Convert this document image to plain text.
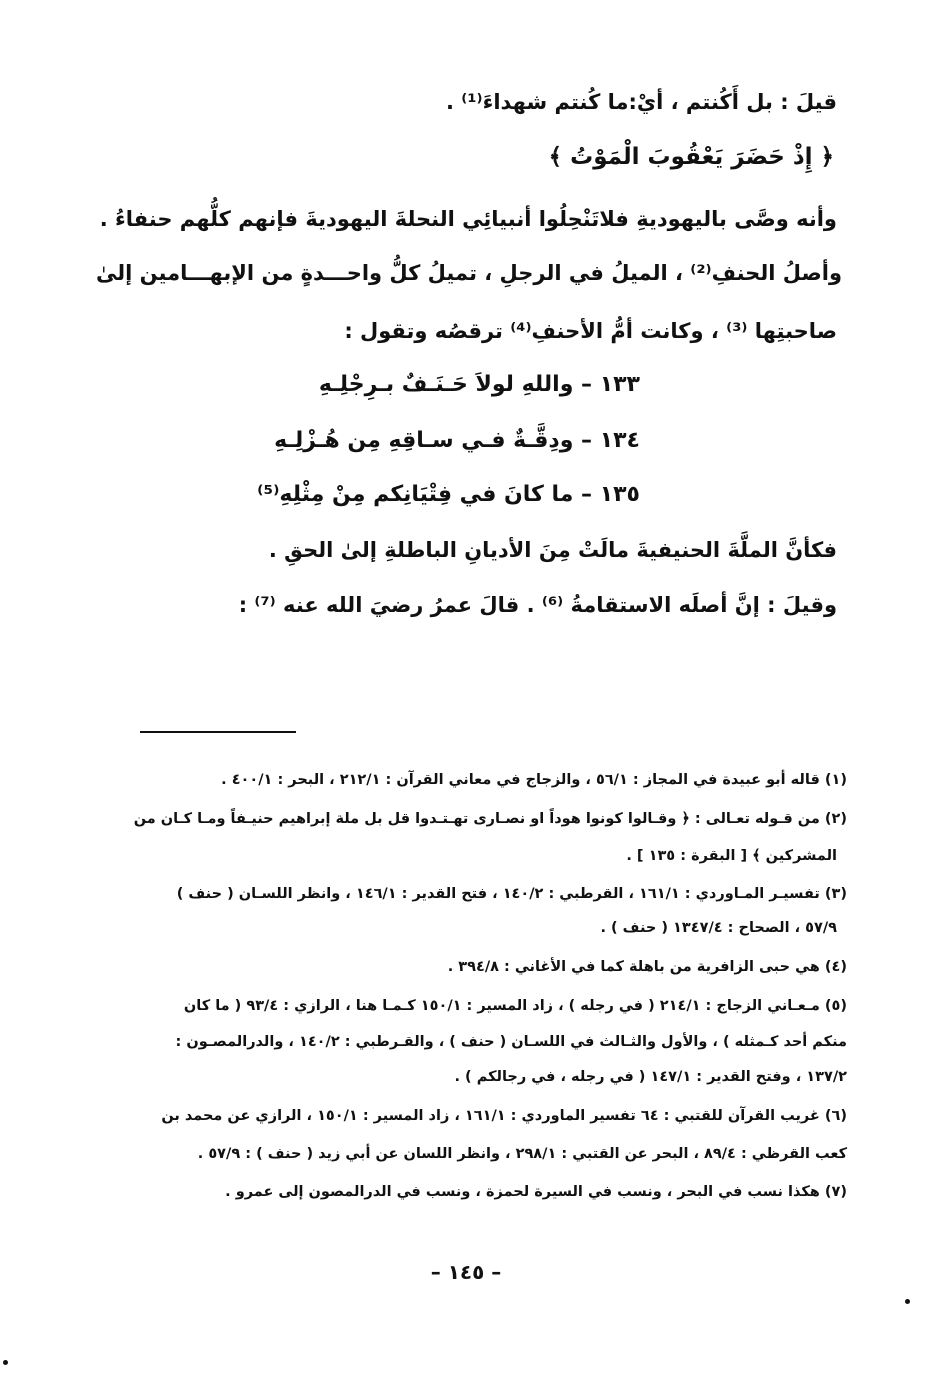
قيلَ : بل أَكُنتم ، أيْ:ما كُنتم شهداءَ⁽¹⁾ .
﴿ إِذْ حَضَرَ يَعْقُوبَ الْمَوْتُ ﴾
وأنه وصَّى باليهوديةِ فلاتَنْحِلُوا أنبيائِي النحلةَ اليهوديةَ فإنهم كلُّهم حنفاءُ .
وأصلُ الحنفِ⁽²⁾ ، الميلُ في الرجلِ ، تميلُ كلُّ واحـــدةٍ من الإبهـــامين إلىٰ
صاحبتِها ⁽³⁾ ، وكانت أمُّ الأحنفِ⁽⁴⁾ ترقصُه وتقول :
١٣٣ – واللهِ لولاَ حَـنَـفٌ بـرِجْلِـهِ
١٣٤ – ودِقَّـةٌ فـي سـاقِهِ مِن هُـزْلِـهِ
١٣٥ – ما كانَ في فِتْيَانِكم مِنْ مِثْلِهِ⁽⁵⁾
فكأنَّ الملَّةَ الحنيفيةَ مالَتْ مِنَ الأديانِ الباطلةِ إلىٰ الحقِ .
وقيلَ : إنَّ أصلَه الاستقامةُ ⁽⁶⁾ . قالَ عمرُ رضيَ الله عنه ⁽⁷⁾ :
(١) قاله أبو عبيدة في المجاز : ٥٦/١ ، والزجاج في معاني القرآن : ٢١٢/١ ، البحر : ٤٠٠/١ .
(٢) من قـوله تعـالى : ﴿ وقـالوا كونوا هوداً او نصـارى تهـتـدوا قل بل ملة إبراهيم حنيـفاً ومـا كـان من
المشركين ﴾ [ البقرة : ١٣٥ ] .
(٣) تفسيـر المـاوردي : ١٦١/١ ، القرطبي : ١٤٠/٢ ، فتح القدير : ١٤٦/١ ، وانظر اللسـان ( حنف )
٥٧/٩ ، الصحاح : ١٣٤٧/٤ ( حنف ) .
(٤) هي حبى الزافرية من باهلة كما في الأغاني : ٣٩٤/٨ .
(٥) مـعـاني الزجاج : ٢١٤/١ ( في رجله ) ، زاد المسير : ١٥٠/١ كـمـا هنا ، الرازي : ٩٣/٤ ( ما كان
منكم أحد كـمثله ) ، والأول والثـالث في اللسـان ( حنف ) ، والقـرطبي : ١٤٠/٢ ، والدرالمصـون :
١٣٧/٢ ، وفتح القدير : ١٤٧/١ ( في رجله ، في رجالكم ) .
(٦) غريب القرآن للقتبي : ٦٤ تفسير الماوردي : ١٦١/١ ، زاد المسير : ١٥٠/١ ، الرازي عن محمد بن
كعب القرظي : ٨٩/٤ ، البحر عن القتبي : ٢٩٨/١ ، وانظر اللسان عن أبي زيد ( حنف ) : ٥٧/٩ .
(٧) هكذا نسب في البحر ، ونسب في السيرة لحمزة ، ونسب في الدرالمصون إلى عمرو .
– ١٤٥ –
